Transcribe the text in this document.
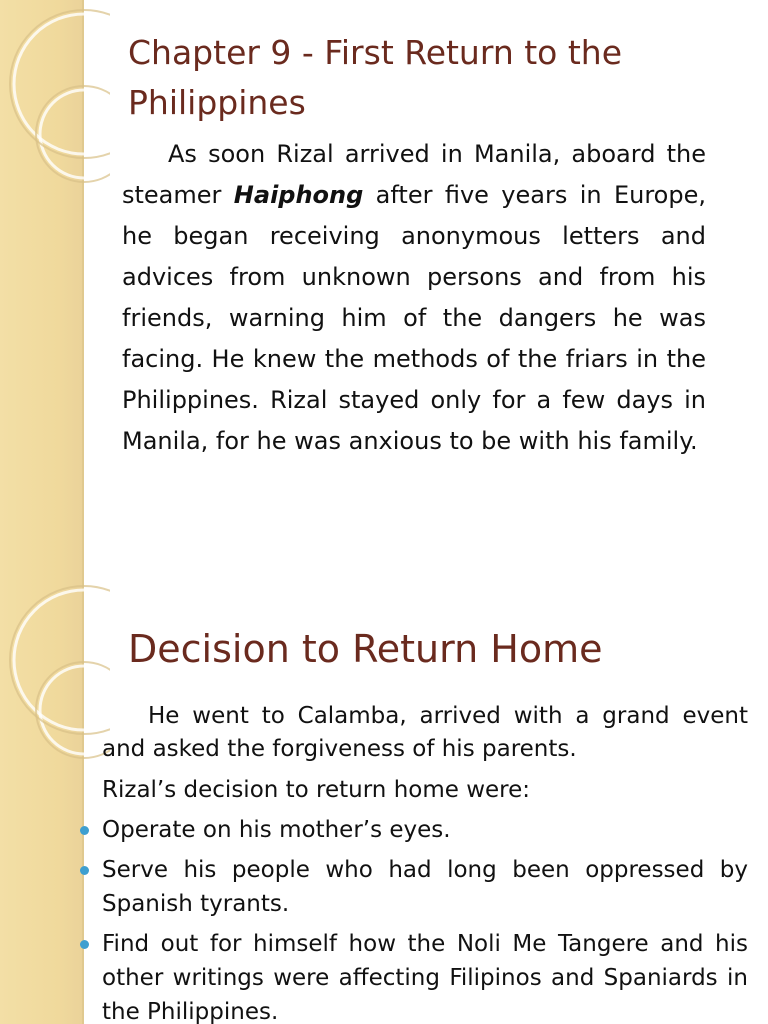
Chapter 9 - First Return to the Philippines

As soon Rizal arrived in Manila, aboard the steamer Haiphong after five years in Europe, he began receiving anonymous letters and advices from unknown persons and from his friends, warning him of the dangers he was facing. He knew the methods of the friars in the Philippines. Rizal stayed only for a few days in Manila, for he was anxious to be with his family.

Decision to Return Home

He went to Calamba, arrived with a grand event and asked the forgiveness of his parents.

Rizal’s decision to return home were:

Operate on his mother’s eyes.
Serve his people who had long been oppressed by Spanish tyrants.
Find out for himself how the Noli Me Tangere and his other writings were affecting Filipinos and Spaniards in the Philippines.
